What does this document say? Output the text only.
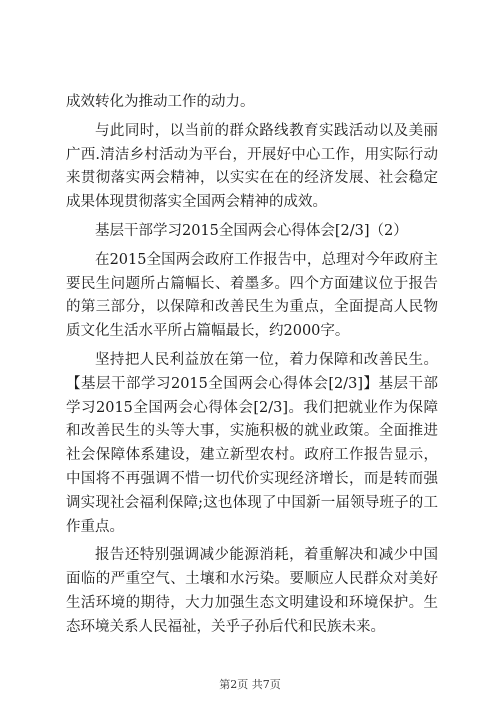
成效转化为推动工作的动力。

与此同时，以当前的群众路线教育实践活动以及美丽广西.清洁乡村活动为平台，开展好中心工作，用实际行动来贯彻落实两会精神，以实实在在的经济发展、社会稳定成果体现贯彻落实全国两会精神的成效。

基层干部学习2015全国两会心得体会[2/3]（2）

在2015全国两会政府工作报告中，总理对今年政府主要民生问题所占篇幅长、着墨多。四个方面建议位于报告的第三部分，以保障和改善民生为重点，全面提高人民物质文化生活水平所占篇幅最长，约2000字。

坚持把人民利益放在第一位，着力保障和改善民生。【基层干部学习2015全国两会心得体会[2/3]】基层干部学习2015全国两会心得体会[2/3]。我们把就业作为保障和改善民生的头等大事，实施积极的就业政策。全面推进社会保障体系建设，建立新型农村。政府工作报告显示，中国将不再强调不惜一切代价实现经济增长，而是转而强调实现社会福利保障;这也体现了中国新一届领导班子的工作重点。

报告还特别强调减少能源消耗，着重解决和减少中国面临的严重空气、土壤和水污染。要顺应人民群众对美好生活环境的期待，大力加强生态文明建设和环境保护。生态环境关系人民福祉，关乎子孙后代和民族未来。

第2页 共7页
